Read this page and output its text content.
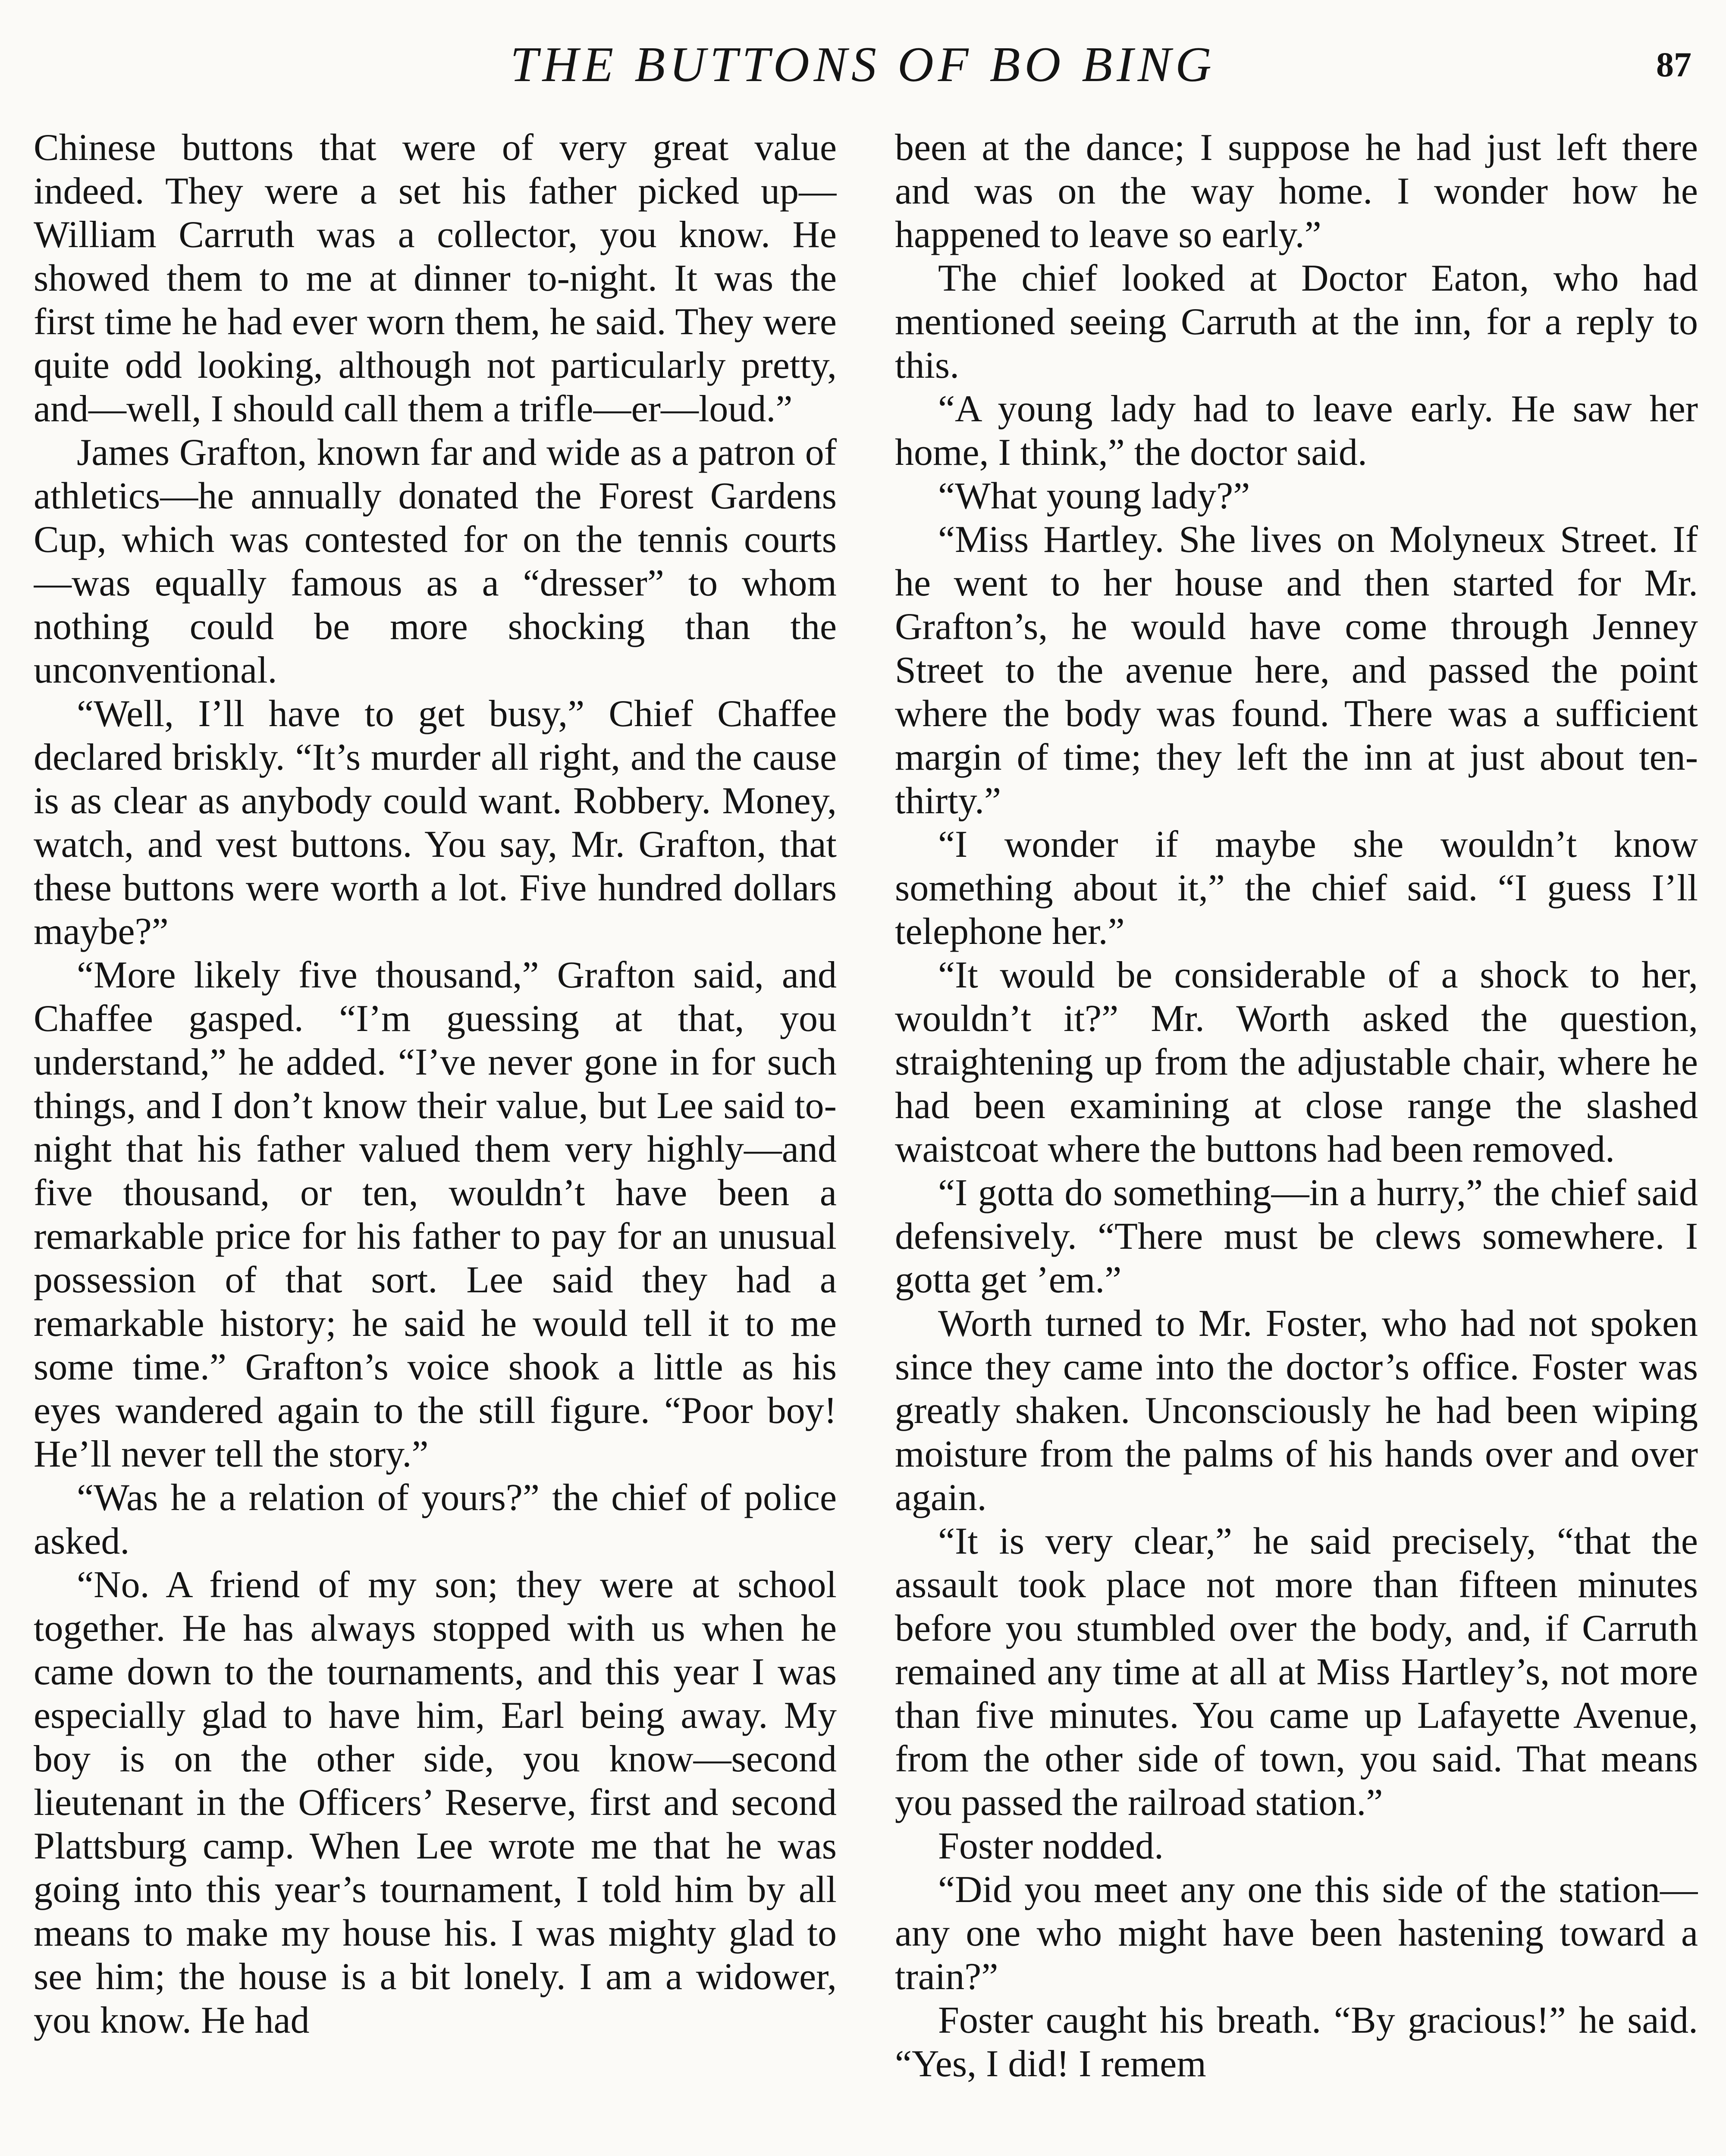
THE BUTTONS OF BO BING	87

Chinese buttons that were of very great value indeed. They were a set his father picked up—William Carruth was a collector, you know. He showed them to me at dinner to-night. It was the first time he had ever worn them, he said. They were quite odd looking, although not particularly pretty, and—well, I should call them a trifle—er—loud.”

James Grafton, known far and wide as a patron of athletics—he annually donated the Forest Gardens Cup, which was contested for on the tennis courts —was equally famous as a “dresser” to whom nothing could be more shocking than the unconventional.

“Well, I’ll have to get busy,” Chief Chaffee declared briskly. “It’s murder all right, and the cause is as clear as anybody could want. Robbery. Money, watch, and vest buttons. You say, Mr. Grafton, that these buttons were worth a lot. Five hundred dollars maybe?”

“More likely five thousand,” Grafton said, and Chaffee gasped. “I’m guessing at that, you understand,” he added. “I’ve never gone in for such things, and I don’t know their value, but Lee said to-night that his father valued them very highly—and five thousand, or ten, wouldn’t have been a remarkable price for his father to pay for an unusual possession of that sort. Lee said they had a remarkable history; he said he would tell it to me some time.” Grafton’s voice shook a little as his eyes wandered again to the still figure. “Poor boy! He’ll never tell the story.”

“Was he a relation of yours?” the chief of police asked.

“No. A friend of my son; they were at school together. He has always stopped with us when he came down to the tournaments, and this year I was especially glad to have him, Earl being away. My boy is on the other side, you know—second lieutenant in the Officers’ Reserve, first and second Plattsburg camp. When Lee wrote me that he was going into this year’s tournament, I told him by all means to make my house his. I was mighty glad to see him; the house is a bit lonely. I am a widower, you know. He had

been at the dance; I suppose he had just left there and was on the way home. I wonder how he happened to leave so early.”

The chief looked at Doctor Eaton, who had mentioned seeing Carruth at the inn, for a reply to this.

“A young lady had to leave early. He saw her home, I think,” the doctor said.

“What young lady?”

“Miss Hartley. She lives on Molyneux Street. If he went to her house and then started for Mr. Grafton’s, he would have come through Jenney Street to the avenue here, and passed the point where the body was found. There was a sufficient margin of time; they left the inn at just about ten-thirty.”

“I wonder if maybe she wouldn’t know something about it,” the chief said. “I guess I’ll telephone her.”

“It would be considerable of a shock to her, wouldn’t it?” Mr. Worth asked the question, straightening up from the adjustable chair, where he had been examining at close range the slashed waistcoat where the buttons had been removed.

“I gotta do something—in a hurry,” the chief said defensively. “There must be clews somewhere. I gotta get ’em.”

Worth turned to Mr. Foster, who had not spoken since they came into the doctor’s office. Foster was greatly shaken. Unconsciously he had been wiping moisture from the palms of his hands over and over again.

“It is very clear,” he said precisely, “that the assault took place not more than fifteen minutes before you stumbled over the body, and, if Carruth remained any time at all at Miss Hartley’s, not more than five minutes. You came up Lafayette Avenue, from the other side of town, you said. That means you passed the railroad station.”

Foster nodded.

“Did you meet any one this side of the station—any one who might have been hastening toward a train?”

Foster caught his breath. “By gracious!” he said. “Yes, I did! I remem
